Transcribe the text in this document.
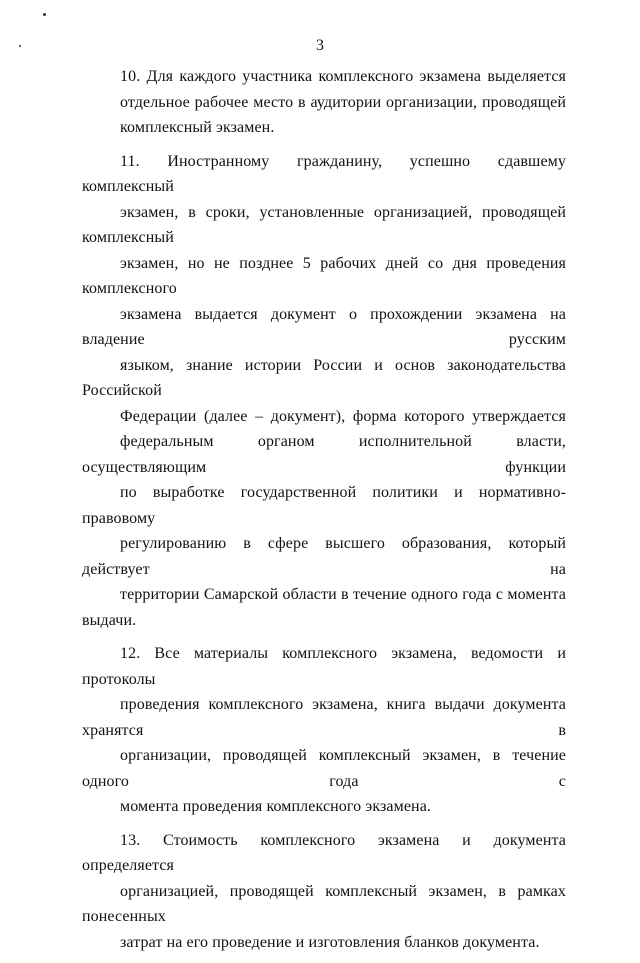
3
10. Для каждого участника комплексного экзамена выделяется
отдельное рабочее место в аудитории организации, проводящей
комплексный экзамен.
11. Иностранному гражданину, успешно сдавшему комплексный
экзамен, в сроки, установленные организацией, проводящей комплексный
экзамен, но не позднее 5 рабочих дней со дня проведения комплексного
экзамена выдается документ о прохождении экзамена на владение русским
языком, знание истории России и основ законодательства Российской
Федерации (далее – документ), форма которого утверждается
федеральным органом исполнительной власти, осуществляющим функции
по выработке государственной политики и нормативно-правовому
регулированию в сфере высшего образования, который действует на
территории Самарской области в течение одного года с момента выдачи.
12. Все материалы комплексного экзамена, ведомости и протоколы
проведения комплексного экзамена, книга выдачи документа хранятся в
организации, проводящей комплексный экзамен, в течение одного года с
момента проведения комплексного экзамена.
13. Стоимость комплексного экзамена и документа определяется
организацией, проводящей комплексный экзамен, в рамках понесенных
затрат на его проведение и изготовления бланков документа.
